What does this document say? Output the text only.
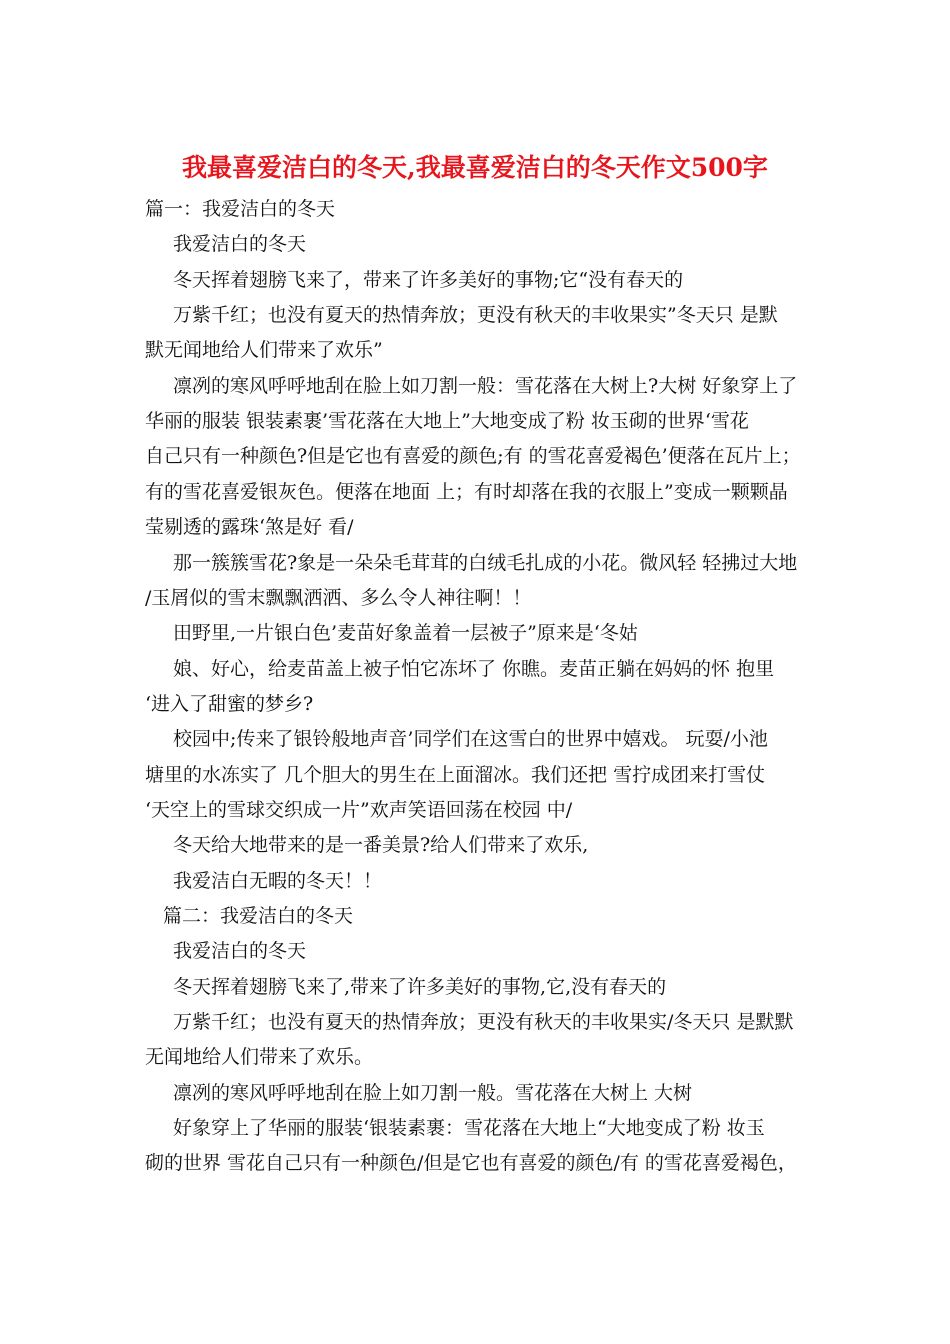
我最喜爱洁白的冬天,我最喜爱洁白的冬天作文500字
篇一：我爱洁白的冬天
我爱洁白的冬天
冬天挥着翅膀飞来了，带来了许多美好的事物;它“没有春天的
万紫千红；也没有夏天的热情奔放；更没有秋天的丰收果实”冬天只 是默
默无闻地给人们带来了欢乐”
凛冽的寒风呼呼地刮在脸上如刀割一般：雪花落在大树上?大树 好象穿上了
华丽的服装 银装素裹’雪花落在大地上”大地变成了粉 妆玉砌的世界‘雪花
自己只有一种颜色?但是它也有喜爱的颜色;有 的雪花喜爱褐色’便落在瓦片上；
有的雪花喜爱银灰色。便落在地面 上；有时却落在我的衣服上”变成一颗颗晶
莹剔透的露珠‘煞是好 看/
那一簇簇雪花?象是一朵朵毛茸茸的白绒毛扎成的小花。微风轻 轻拂过大地
/玉屑似的雪末飘飘洒洒、多么令人神往啊！！
田野里,一片银白色’麦苗好象盖着一层被子”原来是‘冬姑
娘、好心，给麦苗盖上被子怕它冻坏了 你瞧。麦苗正躺在妈妈的怀 抱里
‘进入了甜蜜的梦乡?
校园中;传来了银铃般地声音’同学们在这雪白的世界中嬉戏。 玩耍/小池
塘里的水冻实了 几个胆大的男生在上面溜冰。我们还把 雪拧成团来打雪仗
‘天空上的雪球交织成一片”欢声笑语回荡在校园 中/
冬天给大地带来的是一番美景?给人们带来了欢乐,
我爱洁白无暇的冬天！！
篇二：我爱洁白的冬天
我爱洁白的冬天
冬天挥着翅膀飞来了,带来了许多美好的事物,它,没有春天的
万紫千红；也没有夏天的热情奔放；更没有秋天的丰收果实/冬天只 是默默
无闻地给人们带来了欢乐。
凛冽的寒风呼呼地刮在脸上如刀割一般。雪花落在大树上 大树
好象穿上了华丽的服装‘银装素裹：雪花落在大地上“大地变成了粉 妆玉
砌的世界 雪花自己只有一种颜色/但是它也有喜爱的颜色/有 的雪花喜爱褐色，
